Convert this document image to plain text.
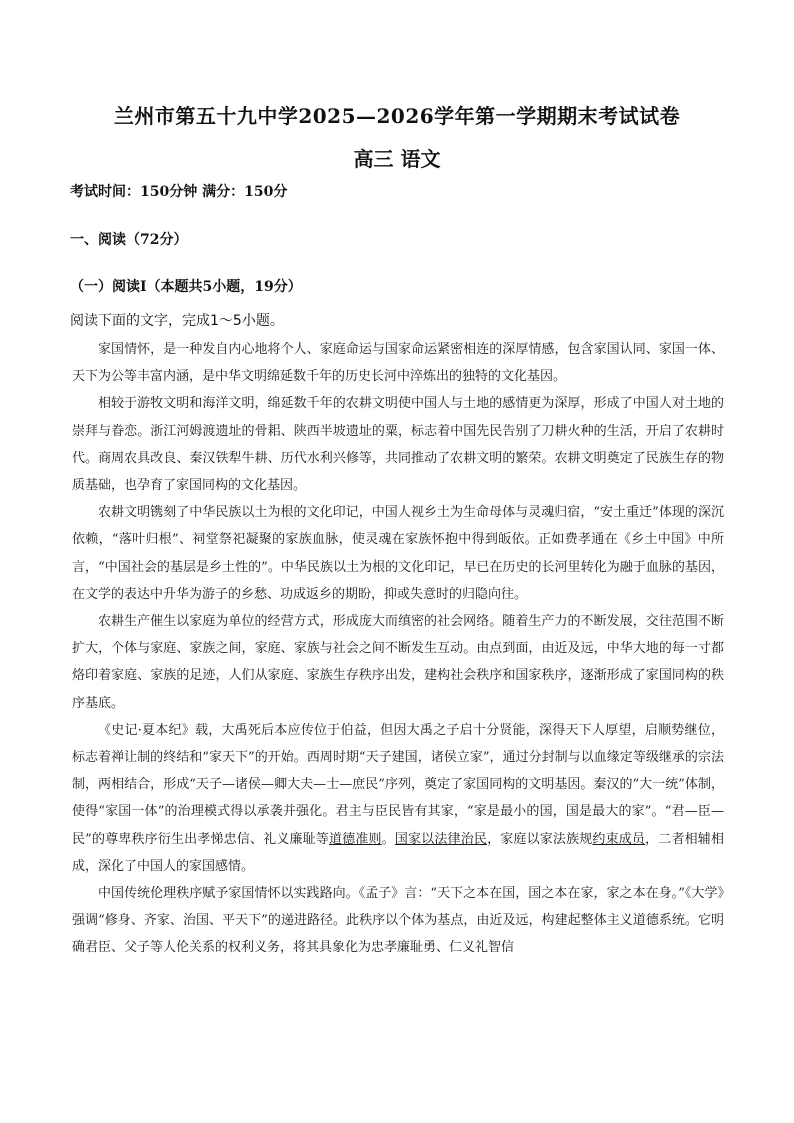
兰州市第五十九中学2025—2026学年第一学期期末考试试卷
高三 语文
考试时间：150分钟 满分：150分
一、阅读（72分）
（一）阅读Ⅰ（本题共5小题，19分）
阅读下面的文字，完成1～5小题。

家国情怀，是一种发自内心地将个人、家庭命运与国家命运紧密相连的深厚情感，包含家国认同、家国一体、天下为公等丰富内涵，是中华文明绵延数千年的历史长河中淬炼出的独特的文化基因。

相较于游牧文明和海洋文明，绵延数千年的农耕文明使中国人与土地的感情更为深厚，形成了中国人对土地的崇拜与眷恋。浙江河姆渡遗址的骨耜、陕西半坡遗址的粟，标志着中国先民告别了刀耕火种的生活，开启了农耕时代。商周农具改良、秦汉铁犁牛耕、历代水利兴修等，共同推动了农耕文明的繁荣。农耕文明奠定了民族生存的物质基础，也孕育了家国同构的文化基因。

农耕文明镌刻了中华民族以土为根的文化印记，中国人视乡土为生命母体与灵魂归宿，“安土重迁”体现的深沉依赖，“落叶归根”、祠堂祭祀凝聚的家族血脉，使灵魂在家族怀抱中得到皈依。正如费孝通在《乡土中国》中所言，“中国社会的基层是乡土性的”。中华民族以土为根的文化印记，早已在历史的长河里转化为融于血脉的基因，在文学的表达中升华为游子的乡愁、功成返乡的期盼，抑或失意时的归隐向往。

农耕生产催生以家庭为单位的经营方式，形成庞大而缜密的社会网络。随着生产力的不断发展，交往范围不断扩大，个体与家庭、家族之间，家庭、家族与社会之间不断发生互动。由点到面，由近及远，中华大地的每一寸都烙印着家庭、家族的足迹，人们从家庭、家族生存秩序出发，建构社会秩序和国家秩序，逐渐形成了家国同构的秩序基底。

《史记·夏本纪》载，大禹死后本应传位于伯益，但因大禹之子启十分贤能，深得天下人厚望，启顺势继位，标志着禅让制的终结和“家天下”的开始。西周时期“天子建国，诸侯立家”，通过分封制与以血缘定等级继承的宗法制，两相结合，形成“天子—诸侯—卿大夫—士—庶民”序列，奠定了家国同构的文明基因。秦汉的“大一统”体制，使得“家国一体”的治理模式得以承袭并强化。君主与臣民皆有其家，“家是最小的国，国是最大的家”。“君—臣—民”的尊卑秩序衍生出孝悌忠信、礼义廉耻等道德准则。国家以法律治民，家庭以家法族规约束成员，二者相辅相成，深化了中国人的家国感情。

中国传统伦理秩序赋予家国情怀以实践路向。《孟子》言：“天下之本在国，国之本在家，家之本在身。”《大学》强调“修身、齐家、治国、平天下”的递进路径。此秩序以个体为基点，由近及远，构建起整体主义道德系统。它明确君臣、父子等人伦关系的权利义务，将其具象化为忠孝廉耻勇、仁义礼智信
